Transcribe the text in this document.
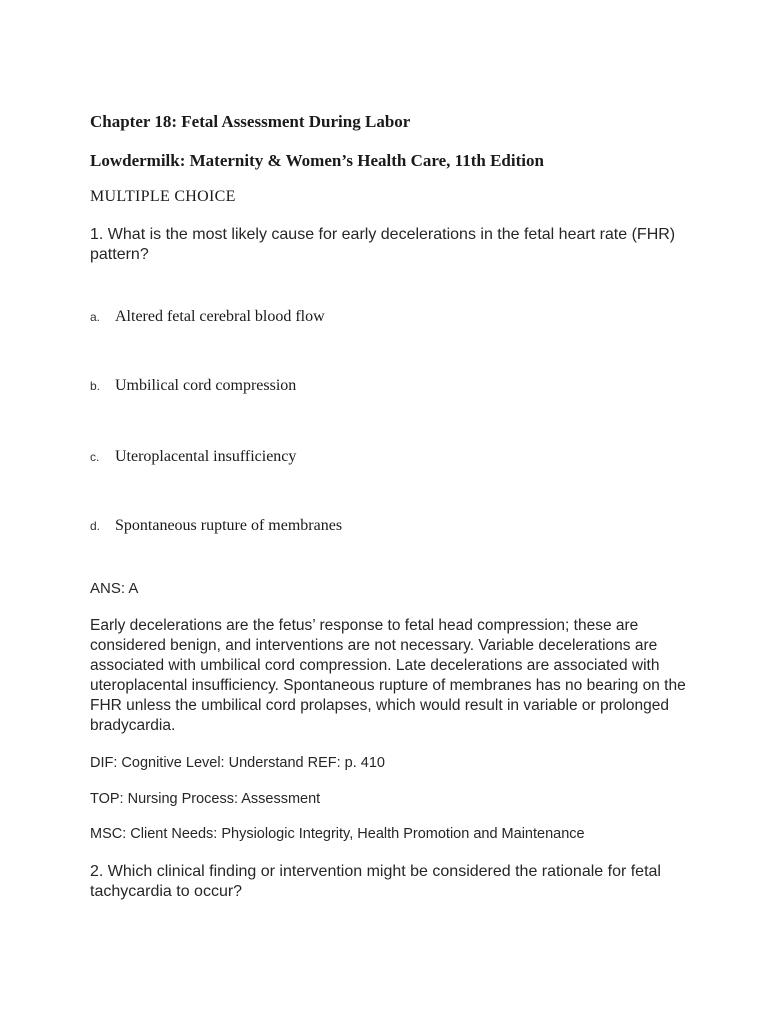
Chapter 18: Fetal Assessment During Labor

Lowdermilk: Maternity & Women’s Health Care, 11th Edition

MULTIPLE CHOICE

1. What is the most likely cause for early decelerations in the fetal heart rate (FHR) pattern?

a. Altered fetal cerebral blood flow
b. Umbilical cord compression
c. Uteroplacental insufficiency
d. Spontaneous rupture of membranes

ANS: A

Early decelerations are the fetus’ response to fetal head compression; these are considered benign, and interventions are not necessary. Variable decelerations are associated with umbilical cord compression. Late decelerations are associated with uteroplacental insufficiency. Spontaneous rupture of membranes has no bearing on the FHR unless the umbilical cord prolapses, which would result in variable or prolonged bradycardia.

DIF: Cognitive Level: Understand REF: p. 410

TOP: Nursing Process: Assessment

MSC: Client Needs: Physiologic Integrity, Health Promotion and Maintenance

2. Which clinical finding or intervention might be considered the rationale for fetal tachycardia to occur?
